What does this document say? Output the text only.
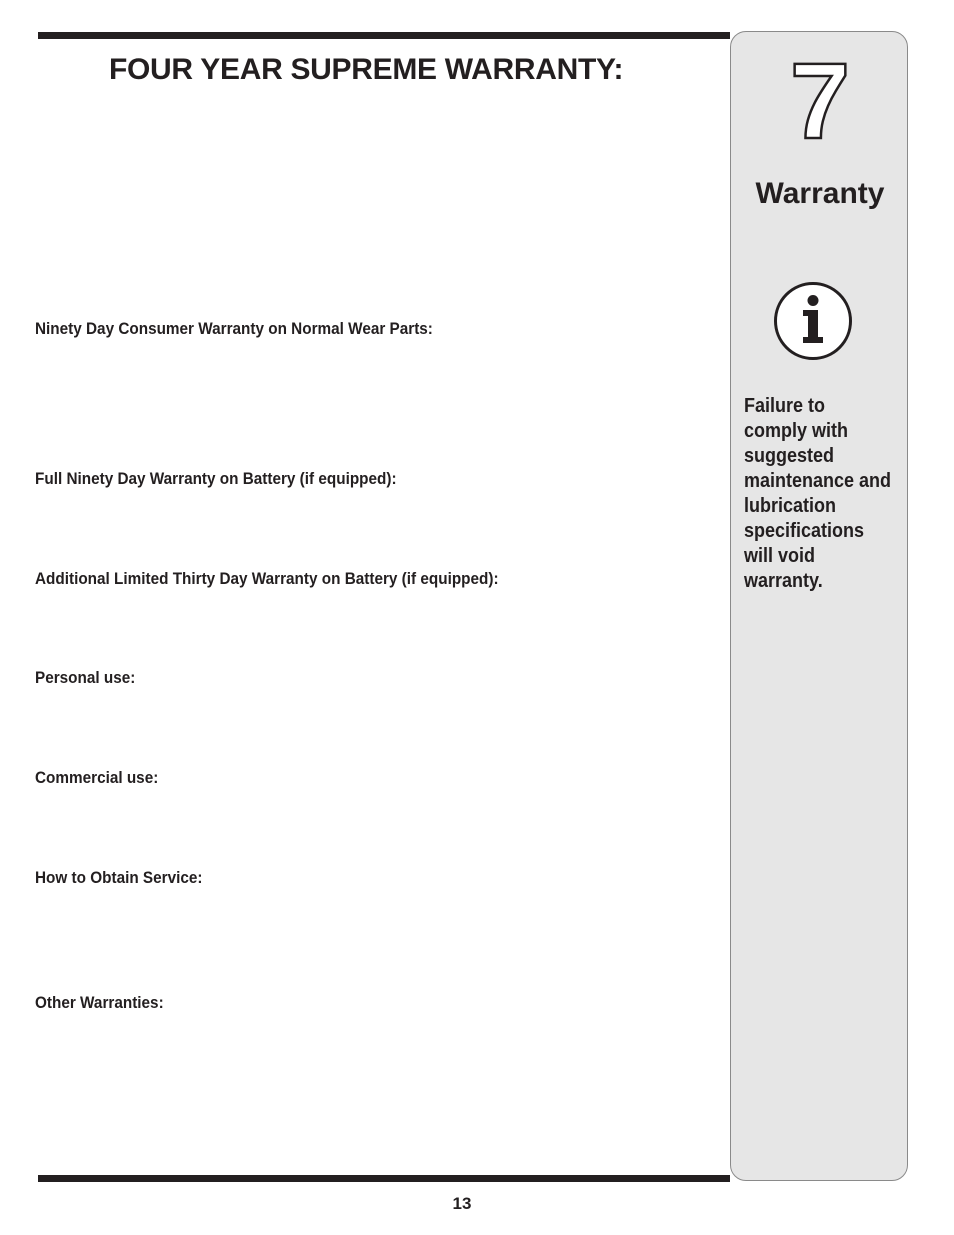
FOUR YEAR SUPREME WARRANTY:

Ninety Day Consumer Warranty on Normal Wear Parts:

Full Ninety Day Warranty on Battery (if equipped):

Additional Limited Thirty Day Warranty on Battery (if equipped):

Personal use:

Commercial use:

How to Obtain Service:

Other Warranties:

7
Warranty

Failure to comply with suggested maintenance and lubrication specifications will void warranty.

13
